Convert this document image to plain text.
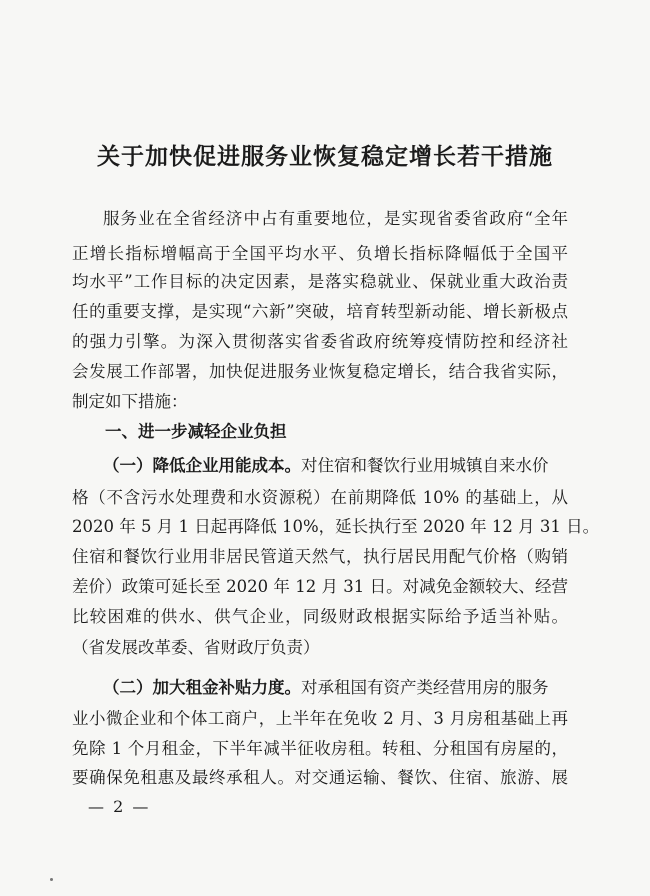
关于加快促进服务业恢复稳定增长若干措施
服务业在全省经济中占有重要地位，是实现省委省政府“全年
正增长指标增幅高于全国平均水平、负增长指标降幅低于全国平
均水平”工作目标的决定因素，是落实稳就业、保就业重大政治责
任的重要支撑，是实现“六新”突破，培育转型新动能、增长新极点
的强力引擎。为深入贯彻落实省委省政府统筹疫情防控和经济社
会发展工作部署，加快促进服务业恢复稳定增长，结合我省实际，
制定如下措施：
一、进一步减轻企业负担
（一）降低企业用能成本。对住宿和餐饮行业用城镇自来水价
格（不含污水处理费和水资源税）在前期降低 10% 的基础上，从
2020 年 5 月 1 日起再降低 10%，延长执行至 2020 年 12 月 31 日。
住宿和餐饮行业用非居民管道天然气，执行居民用配气价格（购销
差价）政策可延长至 2020 年 12 月 31 日。对减免金额较大、经营
比较困难的供水、供气企业，同级财政根据实际给予适当补贴。
（省发展改革委、省财政厅负责）
（二）加大租金补贴力度。对承租国有资产类经营用房的服务
业小微企业和个体工商户，上半年在免收 2 月、3 月房租基础上再
免除 1 个月租金，下半年减半征收房租。转租、分租国有房屋的，
要确保免租惠及最终承租人。对交通运输、餐饮、住宿、旅游、展
— 2 —
